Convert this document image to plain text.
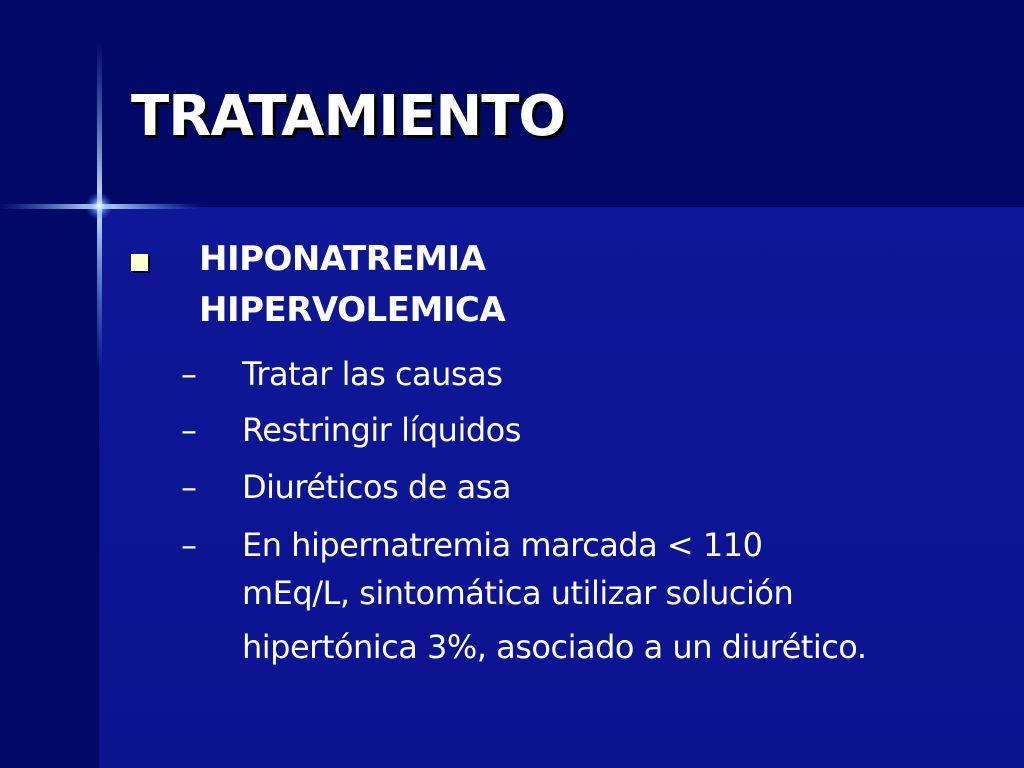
TRATAMIENTO
HIPONATREMIA
HIPERVOLEMICA
–	Tratar las causas
–	Restringir líquidos
–	Diuréticos de asa
–	En hipernatremia marcada < 110
mEq/L, sintomática utilizar solución
hipertónica 3%, asociado a un diurético.
